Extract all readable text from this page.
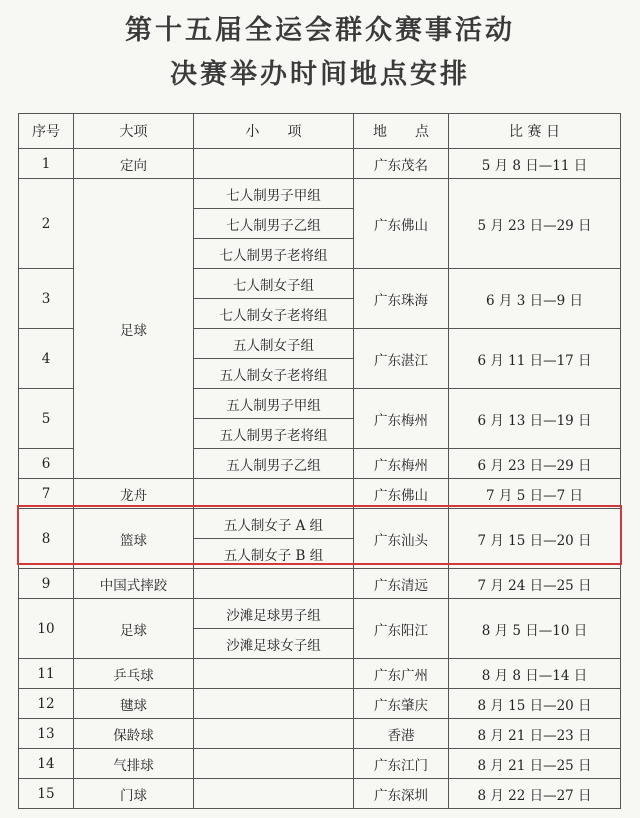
第十五届全运会群众赛事活动
决赛举办时间地点安排
序号	大项	小　　项	地　　点	比 赛 日
1	定向		广东茂名	5 月 8 日—11 日
2	足球	七人制男子甲组	广东佛山	5 月 23 日—29 日
		七人制男子乙组		
		七人制男子老将组		
3		七人制女子组	广东珠海	6 月 3 日—9 日
		七人制女子老将组		
4		五人制女子组	广东湛江	6 月 11 日—17 日
		五人制女子老将组		
5		五人制男子甲组	广东梅州	6 月 13 日—19 日
		五人制男子老将组		
6		五人制男子乙组	广东梅州	6 月 23 日—29 日
7	龙舟		广东佛山	7 月 5 日—7 日
8	篮球	五人制女子 A 组	广东汕头	7 月 15 日—20 日
		五人制女子 B 组		
9	中国式摔跤		广东清远	7 月 24 日—25 日
10	足球	沙滩足球男子组	广东阳江	8 月 5 日—10 日
		沙滩足球女子组		
11	乒乓球		广东广州	8 月 8 日—14 日
12	毽球		广东肇庆	8 月 15 日—20 日
13	保龄球		香港	8 月 21 日—23 日
14	气排球		广东江门	8 月 21 日—25 日
15	门球		广东深圳	8 月 22 日—27 日
